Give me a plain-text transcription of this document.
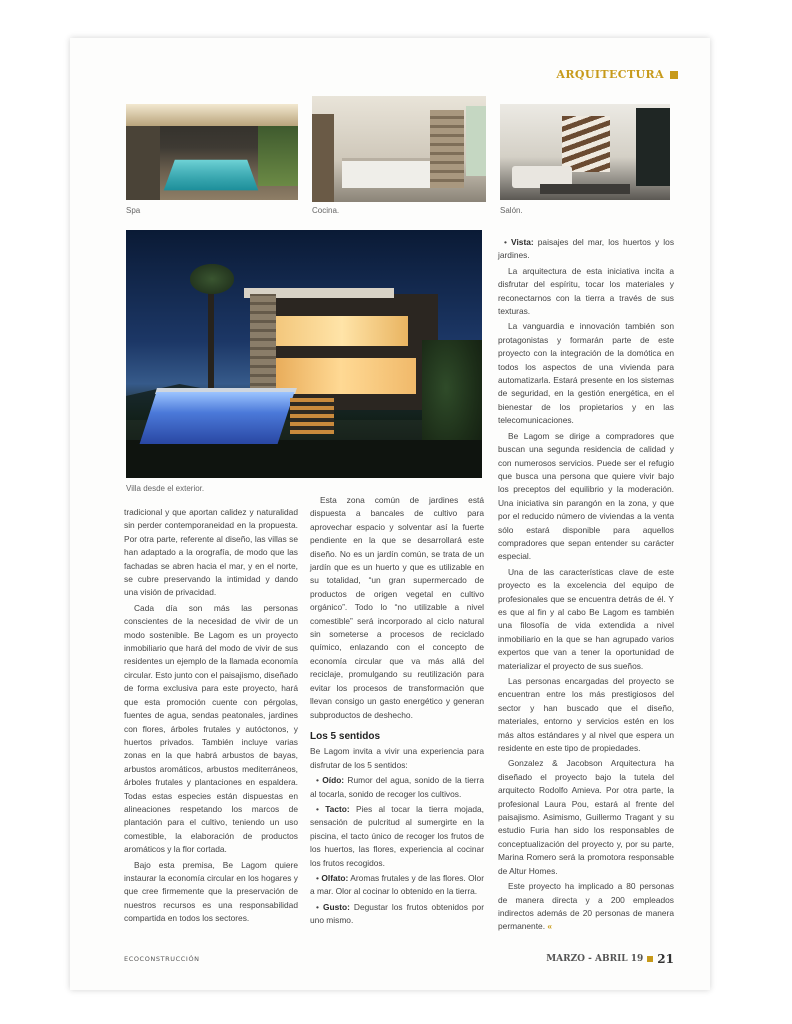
ARQUITECTURA
Spa	Cocina.	Salón.
Villa desde el exterior.

tradicional y que aportan calidez y naturalidad sin perder contemporaneidad en la propuesta. Por otra parte, referente al diseño, las villas se han adaptado a la orografía, de modo que las fachadas se abren hacia el mar, y en el norte, se cubre preservando la intimidad y dando una visión de privacidad.

Cada día son más las personas conscientes de la necesidad de vivir de un modo sostenible. Be Lagom es un proyecto inmobiliario que hará del modo de vivir de sus residentes un ejemplo de la llamada economía circular. Esto junto con el paisajismo, diseñado de forma exclusiva para este proyecto, hará que esta promoción cuente con pérgolas, fuentes de agua, sendas peatonales, jardines con flores, árboles frutales y autóctonos, y huertos privados. También incluye varias zonas en la que habrá arbustos de bayas, arbustos aromáticos, arbustos mediterráneos, árboles frutales y plantaciones en espaldera. Todas estas especies están dispuestas en alineaciones respetando los marcos de plantación para el cultivo, teniendo un uso comestible, la elaboración de productos aromáticos y la flor cortada.

Bajo esta premisa, Be Lagom quiere instaurar la economía circular en los hogares y que cree firmemente que la preservación de nuestros recursos es una responsabilidad compartida en todos los sectores.

Esta zona común de jardines está dispuesta a bancales de cultivo para aprovechar espacio y solventar así la fuerte pendiente en la que se desarrollará este diseño. No es un jardín común, se trata de un jardín que es un huerto y que es utilizable en su totalidad, “un gran supermercado de productos de origen vegetal en cultivo orgánico”. Todo lo “no utilizable a nivel comestible” será incorporado al ciclo natural sin someterse a procesos de reciclado químico, enlazando con el concepto de economía circular que va más allá del reciclaje, promulgando su reutilización para evitar los procesos de transformación que llevan consigo un gasto energético y generan subproductos de deshecho.

Los 5 sentidos

Be Lagom invita a vivir una experiencia para disfrutar de los 5 sentidos:

• Oído: Rumor del agua, sonido de la tierra al tocarla, sonido de recoger los cultivos.

• Tacto: Pies al tocar la tierra mojada, sensación de pulcritud al sumergirte en la piscina, el tacto único de recoger los frutos de los huertos, las flores, experiencia al cocinar los frutos recogidos.

• Olfato: Aromas frutales y de las flores. Olor a mar. Olor al cocinar lo obtenido en la tierra.

• Gusto: Degustar los frutos obtenidos por uno mismo.

• Vista: paisajes del mar, los huertos y los jardines.

La arquitectura de esta iniciativa incita a disfrutar del espíritu, tocar los materiales y reconectarnos con la tierra a través de sus texturas.

La vanguardia e innovación también son protagonistas y formarán parte de este proyecto con la integración de la domótica en todos los aspectos de una vivienda para automatizarla. Estará presente en los sistemas de seguridad, en la gestión energética, en el bienestar de los propietarios y en las telecomunicaciones.

Be Lagom se dirige a compradores que buscan una segunda residencia de calidad y con numerosos servicios. Puede ser el refugio que busca una persona que quiere vivir bajo los preceptos del equilibrio y la moderación. Una iniciativa sin parangón en la zona, y que por el reducido número de viviendas a la venta sólo estará disponible para aquellos compradores que sepan entender su carácter especial.

Una de las características clave de este proyecto es la excelencia del equipo de profesionales que se encuentra detrás de él. Y es que al fin y al cabo Be Lagom es también una filosofía de vida extendida a nivel inmobiliario en la que se han agrupado varios expertos que van a tener la oportunidad de materializar el proyecto de sus sueños.

Las personas encargadas del proyecto se encuentran entre los más prestigiosos del sector y han buscado que el diseño, materiales, entorno y servicios estén en los más altos estándares y al nivel que espera un residente en este tipo de propiedades.

Gonzalez & Jacobson Arquitectura ha diseñado el proyecto bajo la tutela del arquitecto Rodolfo Amieva. Por otra parte, la profesional Laura Pou, estará al frente del paisajismo. Asimismo, Guillermo Tragant y su estudio Furia han sido los responsables de conceptualización del proyecto y, por su parte, Marina Romero será la promotora responsable de Altur Homes.

Este proyecto ha implicado a 80 personas de manera directa y a 200 empleados indirectos además de 20 personas de manera permanente. «

ECOCONSTRUCCIÓN	MARZO - ABRIL 19 21
